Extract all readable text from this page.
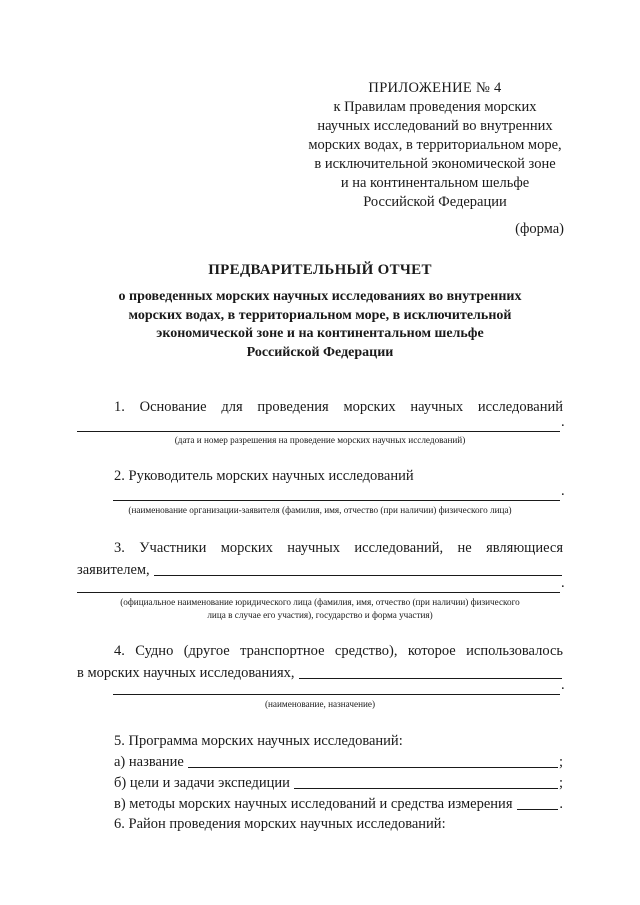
ПРИЛОЖЕНИЕ № 4
к Правилам проведения морских
научных исследований во внутренних
морских водах, в территориальном море,
в исключительной экономической зоне
и на континентальном шельфе
Российской Федерации
(форма)
ПРЕДВАРИТЕЛЬНЫЙ ОТЧЕТ
о проведенных морских научных исследованиях во внутренних
морских водах, в территориальном море, в исключительной
экономической зоне и на континентальном шельфе
Российской Федерации
1. Основание для проведения морских научных исследований
.
(дата и номер разрешения на проведение морских научных исследований)
2. Руководитель морских научных исследований
.
(наименование организации-заявителя (фамилия, имя, отчество (при наличии) физического лица)
3. Участники морских научных исследований, не являющиеся
заявителем,
.
(официальное наименование юридического лица (фамилия, имя, отчество (при наличии) физического
лица в случае его участия), государство и форма участия)
4. Судно (другое транспортное средство), которое использовалось
в морских научных исследованиях,
.
(наименование, назначение)
5. Программа морских научных исследований:
а) название	;
б) цели и задачи экспедиции	;
в) методы морских научных исследований и средства измерения	.
6. Район проведения морских научных исследований:
